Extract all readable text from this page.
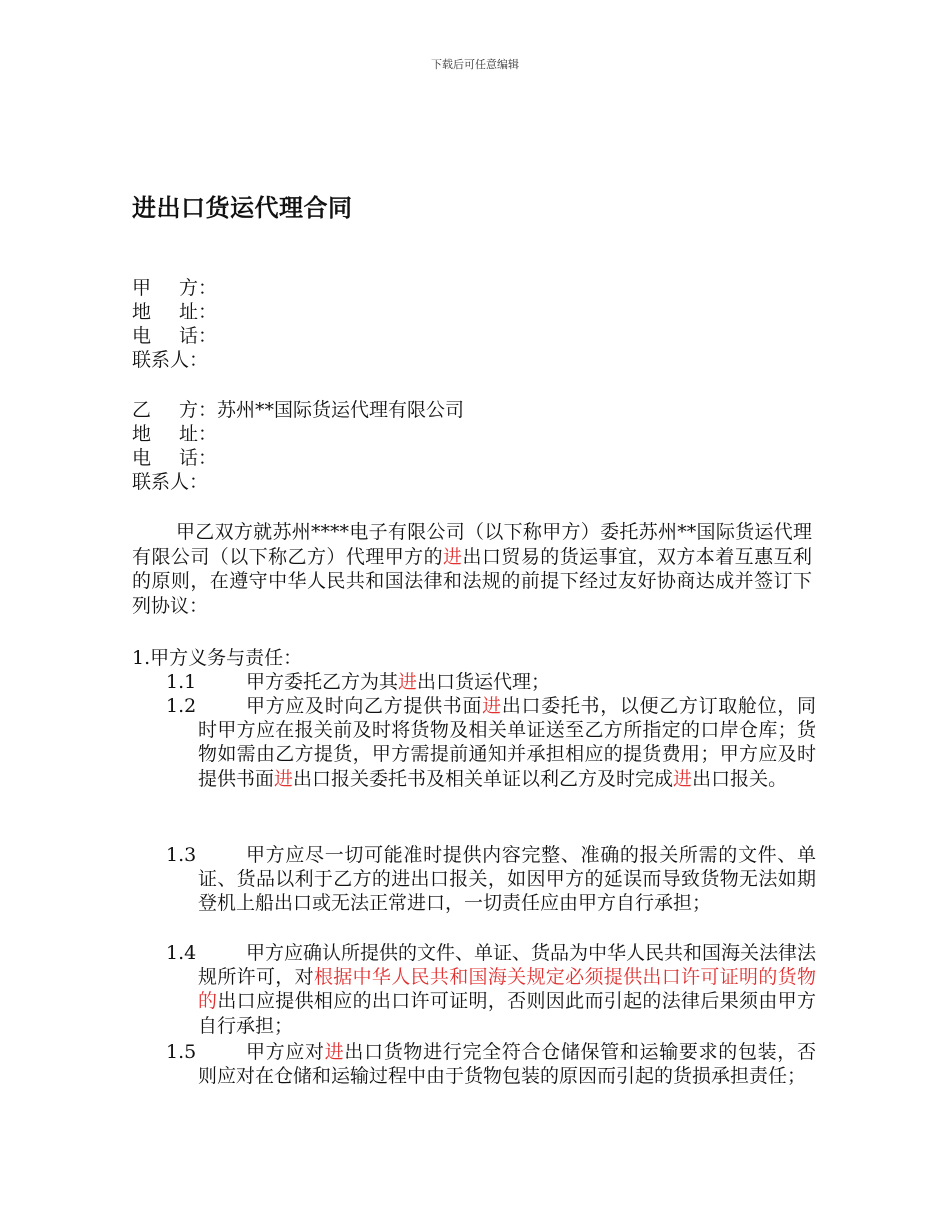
下载后可任意编辑
进出口货运代理合同
甲方 ：
地址 ：
电话 ：
联系人 ：
乙方 ： 苏州**国际货运代理有限公司
地址 ：
电话 ：
联系人 ：
甲乙双方就苏州****电子有限公司（以下称甲方）委托苏州**国际货运代理有限公司（以下称乙方）代理甲方的进出口贸易的货运事宜，双方本着互惠互利的原则，在遵守中华人民共和国法律和法规的前提下经过友好协商达成并签订下列协议：
1.甲方义务与责任：
1.1	甲方委托乙方为其进出口货运代理；
1.2	甲方应及时向乙方提供书面进出口委托书，以便乙方订取舱位，同时甲方应在报关前及时将货物及相关单证送至乙方所指定的口岸仓库；货物如需由乙方提货，甲方需提前通知并承担相应的提货费用；甲方应及时提供书面进出口报关委托书及相关单证以利乙方及时完成进出口报关。
1.3	甲方应尽一切可能准时提供内容完整、准确的报关所需的文件、单证、货品以利于乙方的进出口报关，如因甲方的延误而导致货物无法如期登机上船出口或无法正常进口，一切责任应由甲方自行承担；
1.4	甲方应确认所提供的文件、单证、货品为中华人民共和国海关法律法规所许可，对根据中华人民共和国海关规定必须提供出口许可证明的货物的出口应提供相应的出口许可证明，否则因此而引起的法律后果须由甲方自行承担；
1.5	甲方应对进出口货物进行完全符合仓储保管和运输要求的包装，否则应对在仓储和运输过程中由于货物包装的原因而引起的货损承担责任；
